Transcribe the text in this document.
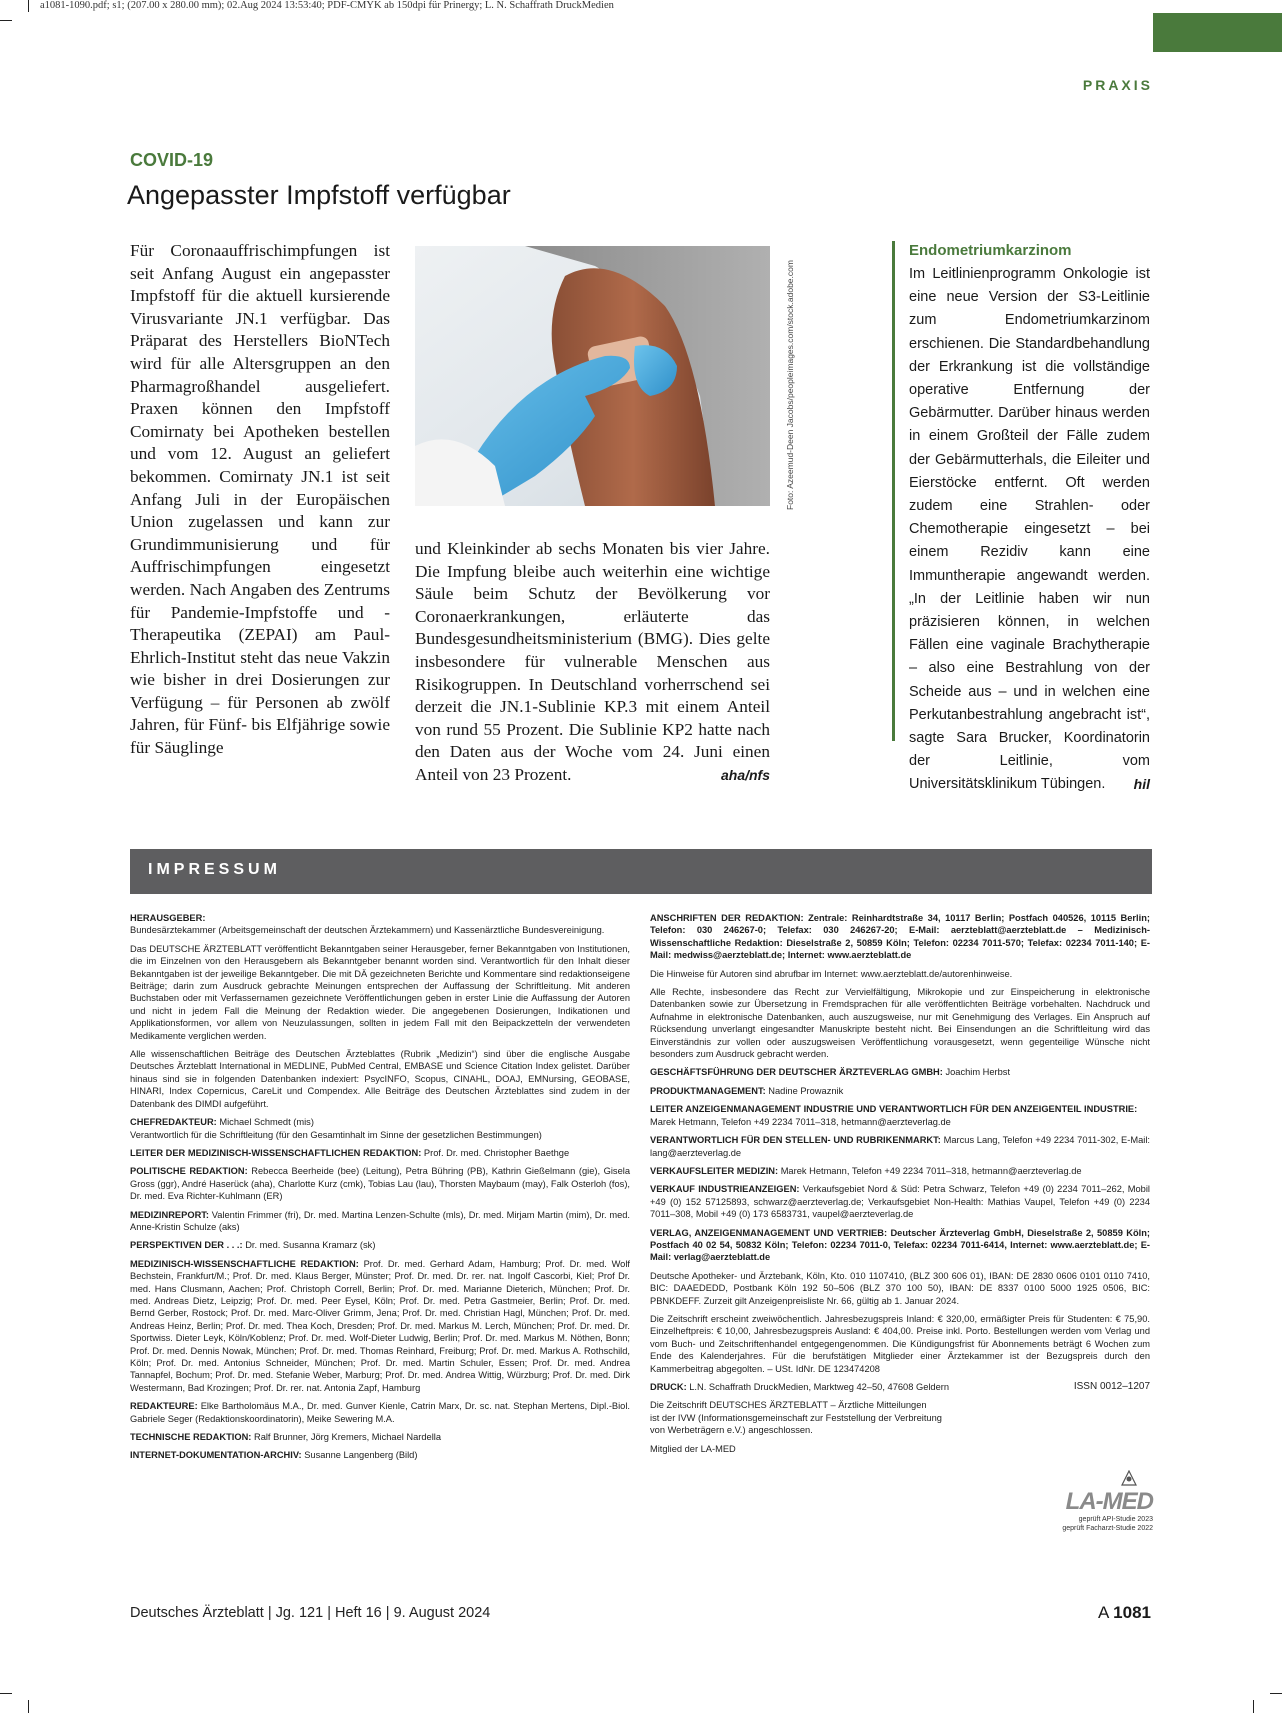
a1081-1090.pdf; s1; (207.00 x 280.00 mm); 02.Aug 2024 13:53:40; PDF-CMYK ab 150dpi für Prinergy; L. N. Schaffrath DruckMedien
PRAXIS
COVID-19
Angepasster Impfstoff verfügbar
Für Coronaauffrischimpfungen ist seit Anfang August ein angepasster Impfstoff für die aktuell kursierende Virusvariante JN.1 verfügbar. Das Präparat des Herstellers BioNTech wird für alle Altersgruppen an den Pharmagroßhandel ausgeliefert. Praxen können den Impfstoff Comirnaty bei Apotheken bestellen und vom 12. August an geliefert bekommen. Comirnaty JN.1 ist seit Anfang Juli in der Europäischen Union zugelassen und kann zur Grundimmunisierung und für Auffrischimpfungen eingesetzt werden. Nach Angaben des Zentrums für Pandemie-Impfstoffe und -Therapeutika (ZEPAI) am Paul-Ehrlich-Institut steht das neue Vakzin wie bisher in drei Dosierungen zur Verfügung – für Personen ab zwölf Jahren, für Fünf- bis Elfjährige sowie für Säuglinge
Foto: Azeemud-Deen Jacobs/peopleimages.com/stock.adobe.com
und Kleinkinder ab sechs Monaten bis vier Jahre. Die Impfung bleibe auch weiterhin eine wichtige Säule beim Schutz der Bevölkerung vor Coronaerkrankungen, erläuterte das Bundesgesundheitsministerium (BMG). Dies gelte insbesondere für vulnerable Menschen aus Risikogruppen. In Deutschland vorherrschend sei derzeit die JN.1-Sublinie KP.3 mit einem Anteil von rund 55 Prozent. Die Sublinie KP2 hatte nach den Daten aus der Woche vom 24. Juni einen Anteil von 23 Prozent.	aha/nfs
Endometriumkarzinom
Im Leitlinienprogramm Onkologie ist eine neue Version der S3-Leitlinie zum Endometriumkarzinom erschienen. Die Standardbehandlung der Erkrankung ist die vollständige operative Entfernung der Gebärmutter. Darüber hinaus werden in einem Großteil der Fälle zudem der Gebärmutterhals, die Eileiter und Eierstöcke entfernt. Oft werden zudem eine Strahlen- oder Chemotherapie eingesetzt – bei einem Rezidiv kann eine Immuntherapie angewandt werden. „In der Leitlinie haben wir nun präzisieren können, in welchen Fällen eine vaginale Brachytherapie – also eine Bestrahlung von der Scheide aus – und in welchen eine Perkutanbestrahlung angebracht ist“, sagte Sara Brucker, Koordinatorin der Leitlinie, vom Universitätsklinikum Tübingen. hil
IMPRESSUM

HERAUSGEBER:
Bundesärztekammer (Arbeitsgemeinschaft der deutschen Ärztekammern) und Kassenärztliche Bundesvereinigung.

Das DEUTSCHE ÄRZTEBLATT veröffentlicht Bekanntgaben seiner Herausgeber, ferner Bekanntgaben von Institutionen, die im Einzelnen von den Herausgebern als Bekanntgeber benannt worden sind. Verantwortlich für den Inhalt dieser Bekanntgaben ist der jeweilige Bekanntgeber. Die mit DÄ gezeichneten Berichte und Kommentare sind redaktionseigene Beiträge; darin zum Ausdruck gebrachte Meinungen entsprechen der Auffassung der Schriftleitung. Mit anderen Buchstaben oder mit Verfassernamen gezeichnete Veröffentlichungen geben in erster Linie die Auffassung der Autoren und nicht in jedem Fall die Meinung der Redaktion wieder. Die angegebenen Dosierungen, Indikationen und Applikationsformen, vor allem von Neuzulassungen, sollten in jedem Fall mit den Beipackzetteln der verwendeten Medikamente verglichen werden.

Alle wissenschaftlichen Beiträge des Deutschen Ärzteblattes (Rubrik „Medizin“) sind über die englische Ausgabe Deutsches Ärzteblatt International in MEDLINE, PubMed Central, EMBASE und Science Citation Index gelistet. Darüber hinaus sind sie in folgenden Datenbanken indexiert: PsycINFO, Scopus, CINAHL, DOAJ, EMNursing, GEOBASE, HINARI, Index Copernicus, CareLit und Compendex. Alle Beiträge des Deutschen Ärzteblattes sind zudem in der Datenbank des DIMDI aufgeführt.

CHEFREDAKTEUR: Michael Schmedt (mis)
Verantwortlich für die Schriftleitung (für den Gesamtinhalt im Sinne der gesetzlichen Bestimmungen)

LEITER DER MEDIZINISCH-WISSENSCHAFTLICHEN REDAKTION: Prof. Dr. med. Christopher Baethge

POLITISCHE REDAKTION: Rebecca Beerheide (bee) (Leitung), Petra Bühring (PB), Kathrin Gießelmann (gie), Gisela Gross (ggr), André Haserück (aha), Charlotte Kurz (cmk), Tobias Lau (lau), Thorsten Maybaum (may), Falk Osterloh (fos), Dr. med. Eva Richter-Kuhlmann (ER)

MEDIZINREPORT: Valentin Frimmer (fri), Dr. med. Martina Lenzen-Schulte (mls), Dr. med. Mirjam Martin (mim), Dr. med. Anne-Kristin Schulze (aks)

PERSPEKTIVEN DER . . .: Dr. med. Susanna Kramarz (sk)

MEDIZINISCH-WISSENSCHAFTLICHE REDAKTION: Prof. Dr. med. Gerhard Adam, Hamburg; Prof. Dr. med. Wolf Bechstein, Frankfurt/M.; Prof. Dr. med. Klaus Berger, Münster; Prof. Dr. med. Dr. rer. nat. Ingolf Cascorbi, Kiel; Prof Dr. med. Hans Clusmann, Aachen; Prof. Christoph Correll, Berlin; Prof. Dr. med. Marianne Dieterich, München; Prof. Dr. med. Andreas Dietz, Leipzig; Prof. Dr. med. Peer Eysel, Köln; Prof. Dr. med. Petra Gastmeier, Berlin; Prof. Dr. med. Bernd Gerber, Rostock; Prof. Dr. med. Marc-Oliver Grimm, Jena; Prof. Dr. med. Christian Hagl, München; Prof. Dr. med. Andreas Heinz, Berlin; Prof. Dr. med. Thea Koch, Dresden; Prof. Dr. med. Markus M. Lerch, München; Prof. Dr. med. Dr. Sportwiss. Dieter Leyk, Köln/Koblenz; Prof. Dr. med. Wolf-Dieter Ludwig, Berlin; Prof. Dr. med. Markus M. Nöthen, Bonn; Prof. Dr. med. Dennis Nowak, München; Prof. Dr. med. Thomas Reinhard, Freiburg; Prof. Dr. med. Markus A. Rothschild, Köln; Prof. Dr. med. Antonius Schneider, München; Prof. Dr. med. Martin Schuler, Essen; Prof. Dr. med. Andrea Tannapfel, Bochum; Prof. Dr. med. Stefanie Weber, Marburg; Prof. Dr. med. Andrea Wittig, Würzburg; Prof. Dr. med. Dirk Westermann, Bad Krozingen; Prof. Dr. rer. nat. Antonia Zapf, Hamburg

REDAKTEURE: Elke Bartholomäus M.A., Dr. med. Gunver Kienle, Catrin Marx, Dr. sc. nat. Stephan Mertens, Dipl.-Biol. Gabriele Seger (Redaktionskoordinatorin), Meike Sewering M.A.

TECHNISCHE REDAKTION: Ralf Brunner, Jörg Kremers, Michael Nardella

INTERNET-DOKUMENTATION-ARCHIV: Susanne Langenberg (Bild)

ANSCHRIFTEN DER REDAKTION: Zentrale: Reinhardtstraße 34, 10117 Berlin; Postfach 040526, 10115 Berlin; Telefon: 030 246267-0; Telefax: 030 246267-20; E-Mail: aerzteblatt@aerzteblatt.de – Medizinisch-Wissenschaftliche Redaktion: Dieselstraße 2, 50859 Köln; Telefon: 02234 7011-570; Telefax: 02234 7011-140; E-Mail: medwiss@aerzteblatt.de; Internet: www.aerzteblatt.de

Die Hinweise für Autoren sind abrufbar im Internet: www.aerzteblatt.de/autorenhinweise.

Alle Rechte, insbesondere das Recht zur Vervielfältigung, Mikrokopie und zur Einspeicherung in elektronische Datenbanken sowie zur Übersetzung in Fremdsprachen für alle veröffentlichten Beiträge vorbehalten. Nachdruck und Aufnahme in elektronische Datenbanken, auch auszugsweise, nur mit Genehmigung des Verlages. Ein Anspruch auf Rücksendung unverlangt eingesandter Manuskripte besteht nicht. Bei Einsendungen an die Schriftleitung wird das Einverständnis zur vollen oder auszugsweisen Veröffentlichung vorausgesetzt, wenn gegenteilige Wünsche nicht besonders zum Ausdruck gebracht werden.

GESCHÄFTSFÜHRUNG DER DEUTSCHER ÄRZTEVERLAG GMBH: Joachim Herbst

PRODUKTMANAGEMENT: Nadine Prowaznik

LEITER ANZEIGENMANAGEMENT INDUSTRIE UND VERANTWORTLICH FÜR DEN ANZEIGENTEIL INDUSTRIE:
Marek Hetmann, Telefon +49 2234 7011–318, hetmann@aerzteverlag.de

VERANTWORTLICH FÜR DEN STELLEN- UND RUBRIKENMARKT: Marcus Lang, Telefon +49 2234 7011-302, E-Mail: lang@aerzteverlag.de

VERKAUFSLEITER MEDIZIN: Marek Hetmann, Telefon +49 2234 7011–318, hetmann@aerzteverlag.de

VERKAUF INDUSTRIEANZEIGEN: Verkaufsgebiet Nord & Süd: Petra Schwarz, Telefon +49 (0) 2234 7011–262, Mobil +49 (0) 152 57125893, schwarz@aerzteverlag.de; Verkaufsgebiet Non-Health: Mathias Vaupel, Telefon +49 (0) 2234 7011–308, Mobil +49 (0) 173 6583731, vaupel@aerzteverlag.de

VERLAG, ANZEIGENMANAGEMENT UND VERTRIEB: Deutscher Ärzteverlag GmbH, Dieselstraße 2, 50859 Köln; Postfach 40 02 54, 50832 Köln; Telefon: 02234 7011-0, Telefax: 02234 7011-6414, Internet: www.aerzteblatt.de; E-Mail: verlag@aerzteblatt.de

Deutsche Apotheker- und Ärztebank, Köln, Kto. 010 1107410, (BLZ 300 606 01), IBAN: DE 2830 0606 0101 0110 7410, BIC: DAAEDEDD, Postbank Köln 192 50–506 (BLZ 370 100 50), IBAN: DE 8337 0100 5000 1925 0506, BIC: PBNKDEFF. Zurzeit gilt Anzeigenpreisliste Nr. 66, gültig ab 1. Januar 2024.

Die Zeitschrift erscheint zweiwöchentlich. Jahresbezugspreis Inland: € 320,00, ermäßigter Preis für Studenten: € 75,90. Einzelheftpreis: € 10,00, Jahresbezugspreis Ausland: € 404,00. Preise inkl. Porto. Bestellungen werden vom Verlag und vom Buch- und Zeitschriftenhandel entgegengenommen. Die Kündigungsfrist für Abonnements beträgt 6 Wochen zum Ende des Kalenderjahres. Für die berufstätigen Mitglieder einer Ärztekammer ist der Bezugspreis durch den Kammerbeitrag abgegolten. – USt. IdNr. DE 123474208

ISSN 0012–1207
DRUCK: L.N. Schaffrath DruckMedien, Marktweg 42–50, 47608 Geldern

Die Zeitschrift DEUTSCHES ÄRZTEBLATT – Ärztliche Mitteilungen
ist der IVW (Informationsgemeinschaft zur Feststellung der Verbreitung
von Werbeträgern e.V.) angeschlossen.

Mitglied der LA-MED

LA-MED
geprüft API-Studie 2023
geprüft Facharzt-Studie 2022
Deutsches Ärzteblatt | Jg. 121 | Heft 16 | 9. August 2024	A 1081
